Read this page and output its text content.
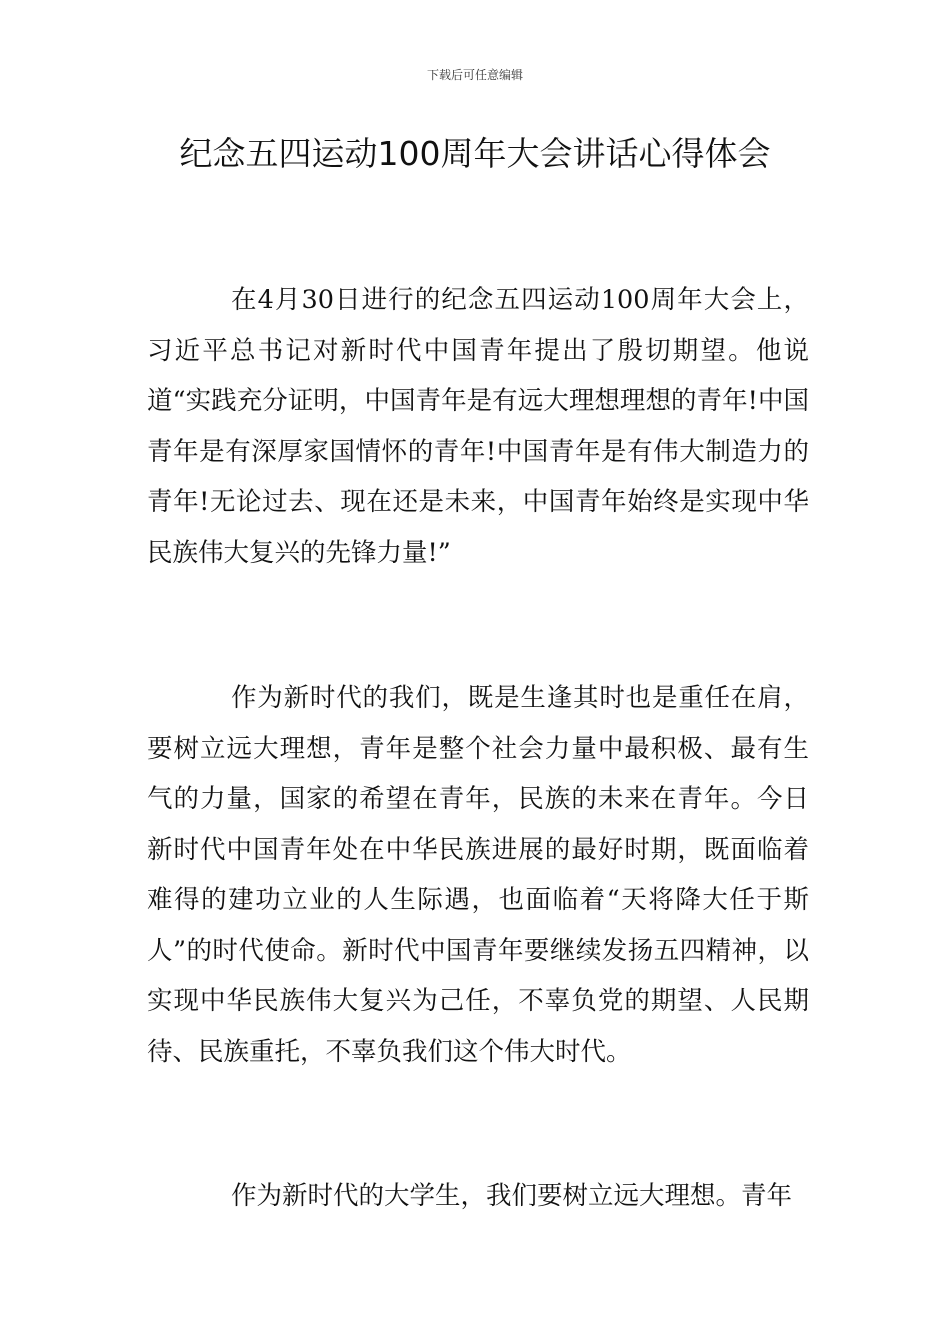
下载后可任意编辑
纪念五四运动100周年大会讲话心得体会

在4月30日进行的纪念五四运动100周年大会上，习近平总书记对新时代中国青年提出了殷切期望。他说道“实践充分证明，中国青年是有远大理想理想的青年!中国青年是有深厚家国情怀的青年!中国青年是有伟大制造力的青年!无论过去、现在还是未来，中国青年始终是实现中华民族伟大复兴的先锋力量!”

作为新时代的我们，既是生逢其时也是重任在肩，要树立远大理想，青年是整个社会力量中最积极、最有生气的力量，国家的希望在青年，民族的未来在青年。今日新时代中国青年处在中华民族进展的最好时期，既面临着难得的建功立业的人生际遇，也面临着“天将降大任于斯人”的时代使命。新时代中国青年要继续发扬五四精神，以实现中华民族伟大复兴为己任，不辜负党的期望、人民期待、民族重托，不辜负我们这个伟大时代。

作为新时代的大学生，我们要树立远大理想。青年
